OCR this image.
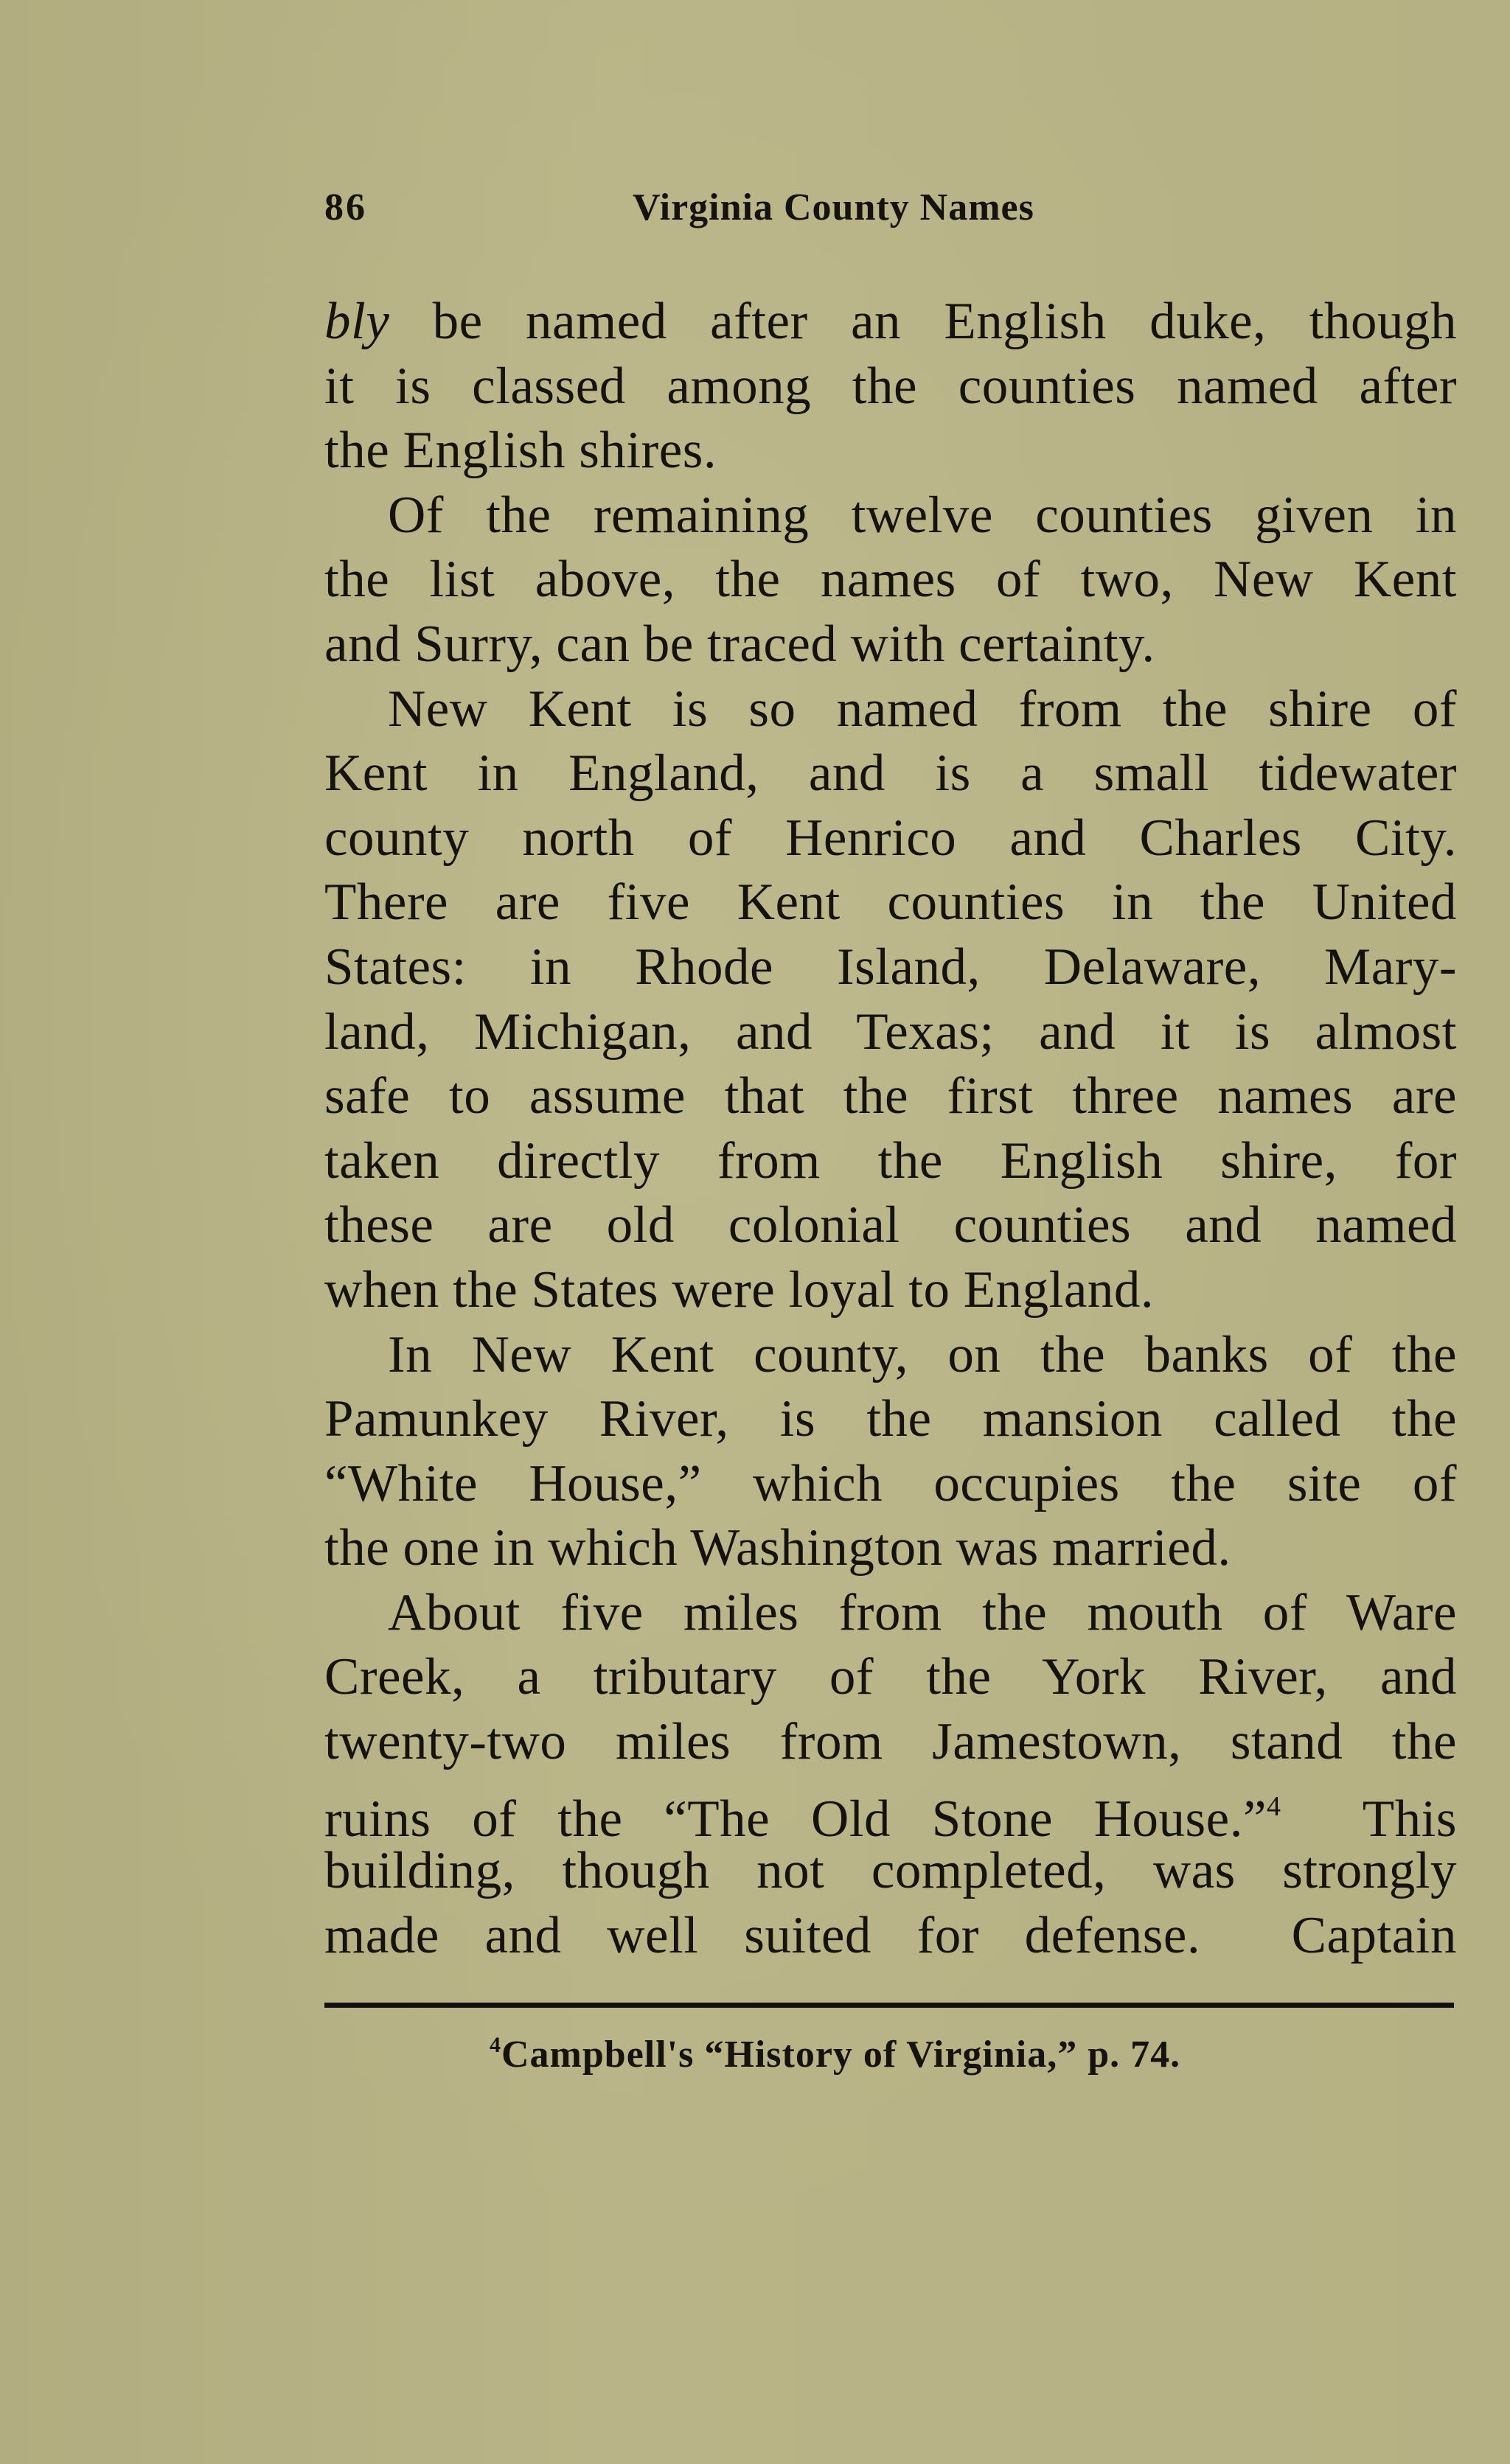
86	Virginia County Names
bly be named after an English duke, though
it is classed among the counties named after
the English shires.
Of the remaining twelve counties given in
the list above, the names of two, New Kent
and Surry, can be traced with certainty.
New Kent is so named from the shire of
Kent in England, and is a small tidewater
county north of Henrico and Charles City.
There are five Kent counties in the United
States: in Rhode Island, Delaware, Mary-
land, Michigan, and Texas; and it is almost
safe to assume that the first three names are
taken directly from the English shire, for
these are old colonial counties and named
when the States were loyal to England.
In New Kent county, on the banks of the
Pamunkey River, is the mansion called the
“White House,” which occupies the site of
the one in which Washington was married.
About five miles from the mouth of Ware
Creek, a tributary of the York River, and
twenty-two miles from Jamestown, stand the
ruins of the “The Old Stone House.”$^4$  This
building, though not completed, was strongly
made and well suited for defense.  Captain
$^4$Campbell's “History of Virginia,” p. 74.
